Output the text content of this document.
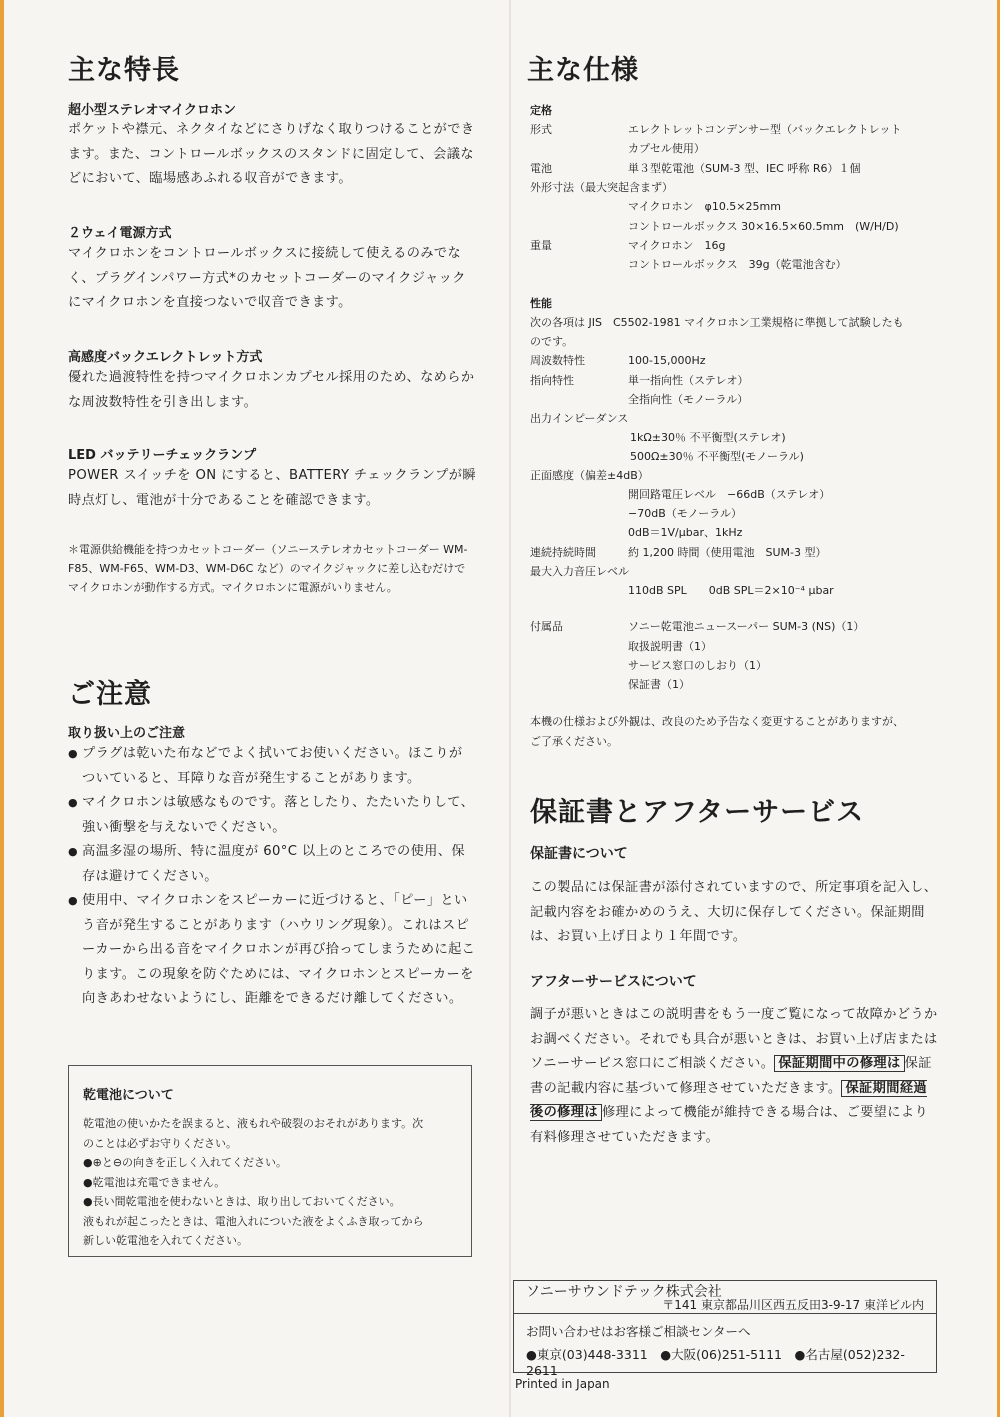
主な特長
超小型ステレオマイクロホン
ポケットや襟元、ネクタイなどにさりげなく取りつけることができます。また、コントロールボックスのスタンドに固定して、会議などにおいて、臨場感あふれる収音ができます。
２ウェイ電源方式
マイクロホンをコントロールボックスに接続して使えるのみでなく、プラグインパワー方式*のカセットコーダーのマイクジャックにマイクロホンを直接つないで収音できます。
高感度バックエレクトレット方式
優れた過渡特性を持つマイクロホンカプセル採用のため、なめらかな周波数特性を引き出します。
LED バッテリーチェックランプ
POWER スイッチを ON にすると、BATTERY チェックランプが瞬時点灯し、電池が十分であることを確認できます。
＊電源供給機能を持つカセットコーダー（ソニーステレオカセットコーダー WM-F85、WM-F65、WM-D3、WM-D6C など）のマイクジャックに差し込むだけでマイクロホンが動作する方式。マイクロホンに電源がいりません。
ご注意
取り扱い上のご注意
● プラグは乾いた布などでよく拭いてお使いください。ほこりがついていると、耳障りな音が発生することがあります。
● マイクロホンは敏感なものです。落としたり、たたいたりして、強い衝撃を与えないでください。
● 高温多湿の場所、特に温度が 60°C 以上のところでの使用、保存は避けてください。
● 使用中、マイクロホンをスピーカーに近づけると、「ピー」という音が発生することがあります（ハウリング現象）。これはスピーカーから出る音をマイクロホンが再び拾ってしまうために起こります。この現象を防ぐためには、マイクロホンとスピーカーを向きあわせないようにし、距離をできるだけ離してください。
乾電池について
乾電池の使いかたを誤まると、液もれや破裂のおそれがあります。次
のことは必ずお守りください。
●⊕と⊖の向きを正しく入れてください。
●乾電池は充電できません。
●長い間乾電池を使わないときは、取り出しておいてください。
液もれが起こったときは、電池入れについた液をよくふき取ってから
新しい乾電池を入れてください。
主な仕様
定格
形式	エレクトレットコンデンサー型（バックエレクトレット
カプセル使用）
電池	単３型乾電池（SUM-3 型、IEC 呼称 R6）１個
外形寸法（最大突起含まず）
マイクロホン　φ10.5×25mm
コントロールボックス 30×16.5×60.5mm　(W/H/D)
重量	マイクロホン　16g
コントロールボックス　39g（乾電池含む）
性能
次の各項は JIS　C5502-1981 マイクロホン工業規格に準拠して試験したも
のです。
周波数特性	100-15,000Hz
指向特性	単一指向性（ステレオ）
全指向性（モノーラル）
出力インピーダンス
1kΩ±30％ 不平衡型(ステレオ)
500Ω±30％ 不平衡型(モノーラル)
正面感度（偏差±4dB）
開回路電圧レベル　−66dB（ステレオ）
−70dB（モノーラル）
0dB＝1V/μbar、1kHz
連続持続時間	約 1,200 時間（使用電池　SUM-3 型）
最大入力音圧レベル
110dB SPL　　0dB SPL＝2×10⁻⁴ μbar
付属品	ソニー乾電池ニュースーパー SUM-3 (NS)（1）
取扱説明書（1）
サービス窓口のしおり（1）
保証書（1）
本機の仕様および外観は、改良のため予告なく変更することがありますが、
ご了承ください。
保証書とアフターサービス
保証書について
この製品には保証書が添付されていますので、所定事項を記入し、記載内容をお確かめのうえ、大切に保存してください。保証期間は、お買い上げ日より１年間です。
アフターサービスについて
調子が悪いときはこの説明書をもう一度ご覧になって故障かどうかお調べください。それでも具合が悪いときは、お買い上げ店またはソニーサービス窓口にご相談ください。 保証期間中の修理は 保証書の記載内容に基づいて修理させていただきます。 保証期間経過後の修理は 修理によって機能が維持できる場合は、ご要望により有料修理させていただきます。
ソニーサウンドテック株式会社
〒141 東京都品川区西五反田3-9-17 東洋ビル内
お問い合わせはお客様ご相談センターへ
●東京(03)448-3311　●大阪(06)251-5111　●名古屋(052)232-2611
Printed in Japan
